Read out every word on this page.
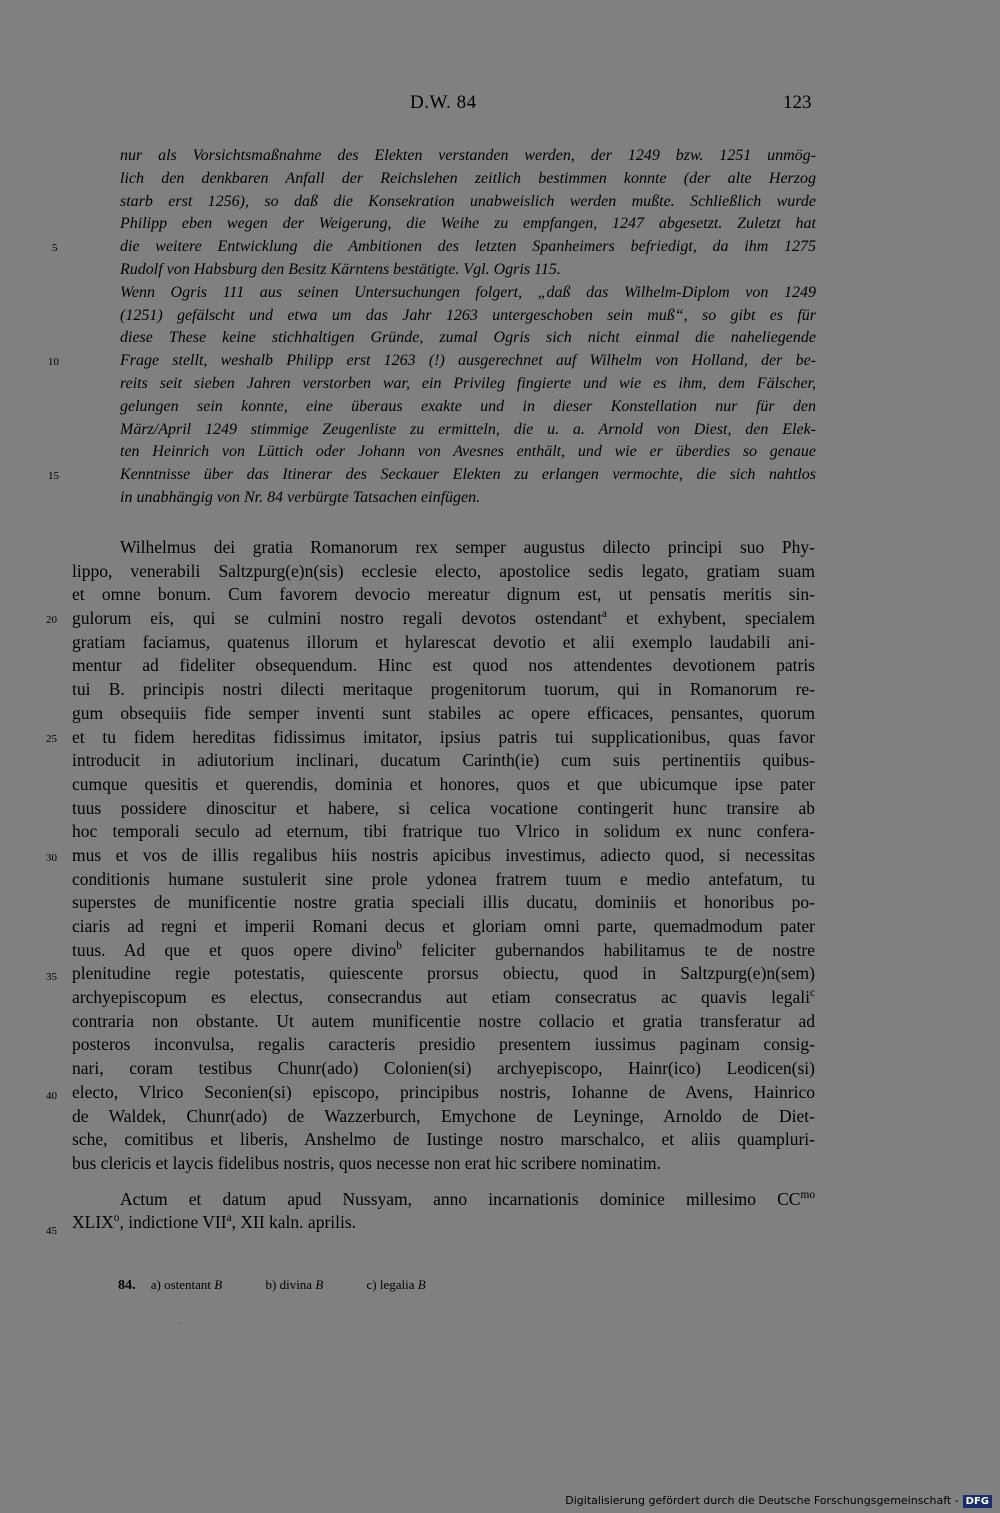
D.W. 84	123
5
10
15
20
25
30
35
40
45
nur als Vorsichtsmaßnahme des Elekten verstanden werden, der 1249 bzw. 1251 unmög-
lich den denkbaren Anfall der Reichslehen zeitlich bestimmen konnte (der alte Herzog
starb erst 1256), so daß die Konsekration unabweislich werden mußte. Schließlich wurde
Philipp eben wegen der Weigerung, die Weihe zu empfangen, 1247 abgesetzt. Zuletzt hat
die weitere Entwicklung die Ambitionen des letzten Spanheimers befriedigt, da ihm 1275
Rudolf von Habsburg den Besitz Kärntens bestätigte. Vgl. Ogris 115.
Wenn Ogris 111 aus seinen Untersuchungen folgert, „daß das Wilhelm-Diplom von 1249
(1251) gefälscht und etwa um das Jahr 1263 untergeschoben sein muß“, so gibt es für
diese These keine stichhaltigen Gründe, zumal Ogris sich nicht einmal die naheliegende
Frage stellt, weshalb Philipp erst 1263 (!) ausgerechnet auf Wilhelm von Holland, der be-
reits seit sieben Jahren verstorben war, ein Privileg fingierte und wie es ihm, dem Fälscher,
gelungen sein konnte, eine überaus exakte und in dieser Konstellation nur für den
März/April 1249 stimmige Zeugenliste zu ermitteln, die u. a. Arnold von Diest, den Elek-
ten Heinrich von Lüttich oder Johann von Avesnes enthält, und wie er überdies so genaue
Kenntnisse über das Itinerar des Seckauer Elekten zu erlangen vermochte, die sich nahtlos
in unabhängig von Nr. 84 verbürgte Tatsachen einfügen.
Wilhelmus dei gratia Romanorum rex semper augustus dilecto principi suo Phy-
lippo, venerabili Saltzpurg(e)n(sis) ecclesie electo, apostolice sedis legato, gratiam suam
et omne bonum. Cum favorem devocio mereatur dignum est, ut pensatis meritis sin-
gulorum eis, qui se culmini nostro regali devotos ostendant$^a$ et exhybent, specialem
gratiam faciamus, quatenus illorum et hylarescat devotio et alii exemplo laudabili ani-
mentur ad fideliter obsequendum. Hinc est quod nos attendentes devotionem patris
tui B. principis nostri dilecti meritaque progenitorum tuorum, qui in Romanorum re-
gum obsequiis fide semper inventi sunt stabiles ac opere efficaces, pensantes, quorum
et tu fidem hereditas fidissimus imitator, ipsius patris tui supplicationibus, quas favor
introducit in adiutorium inclinari, ducatum Carinth(ie) cum suis pertinentiis quibus-
cumque quesitis et querendis, dominia et honores, quos et que ubicumque ipse pater
tuus possidere dinoscitur et habere, si celica vocatione contingerit hunc transire ab
hoc temporali seculo ad eternum, tibi fratrique tuo Vlrico in solidum ex nunc confera-
mus et vos de illis regalibus hiis nostris apicibus investimus, adiecto quod, si necessitas
conditionis humane sustulerit sine prole ydonea fratrem tuum e medio antefatum, tu
superstes de munificentie nostre gratia speciali illis ducatu, dominiis et honoribus po-
ciaris ad regni et imperii Romani decus et gloriam omni parte, quemadmodum pater
tuus. Ad que et quos opere divino$^b$ feliciter gubernandos habilitamus te de nostre
plenitudine regie potestatis, quiescente prorsus obiectu, quod in Saltzpurg(e)n(sem)
archyepiscopum es electus, consecrandus aut etiam consecratus ac quavis legali$^c$
contraria non obstante. Ut autem munificentie nostre collacio et gratia transferatur ad
posteros inconvulsa, regalis caracteris presidio presentem iussimus paginam consig-
nari, coram testibus Chunr(ado) Colonien(si) archyepiscopo, Hainr(ico) Leodicen(si)
electo, Vlrico Seconien(si) episcopo, principibus nostris, Iohanne de Avens, Hainrico
de Waldek, Chunr(ado) de Wazzerburch, Emychone de Leyninge, Arnoldo de Diet-
sche, comitibus et liberis, Anshelmo de Iustinge nostro marschalco, et aliis quampluri-
bus clericis et laycis fidelibus nostris, quos necesse non erat hic scribere nominatim.
Actum et datum apud Nussyam, anno incarnationis dominice millesimo $CC^{mo}$
XLIX$^o$, indictione VII$^a$, XII kaln. aprilis.
84. a) ostentant B	b) divina B	c) legalia B
Digitalisierung gefördert durch die Deutsche Forschungsgemeinschaft - DFG
